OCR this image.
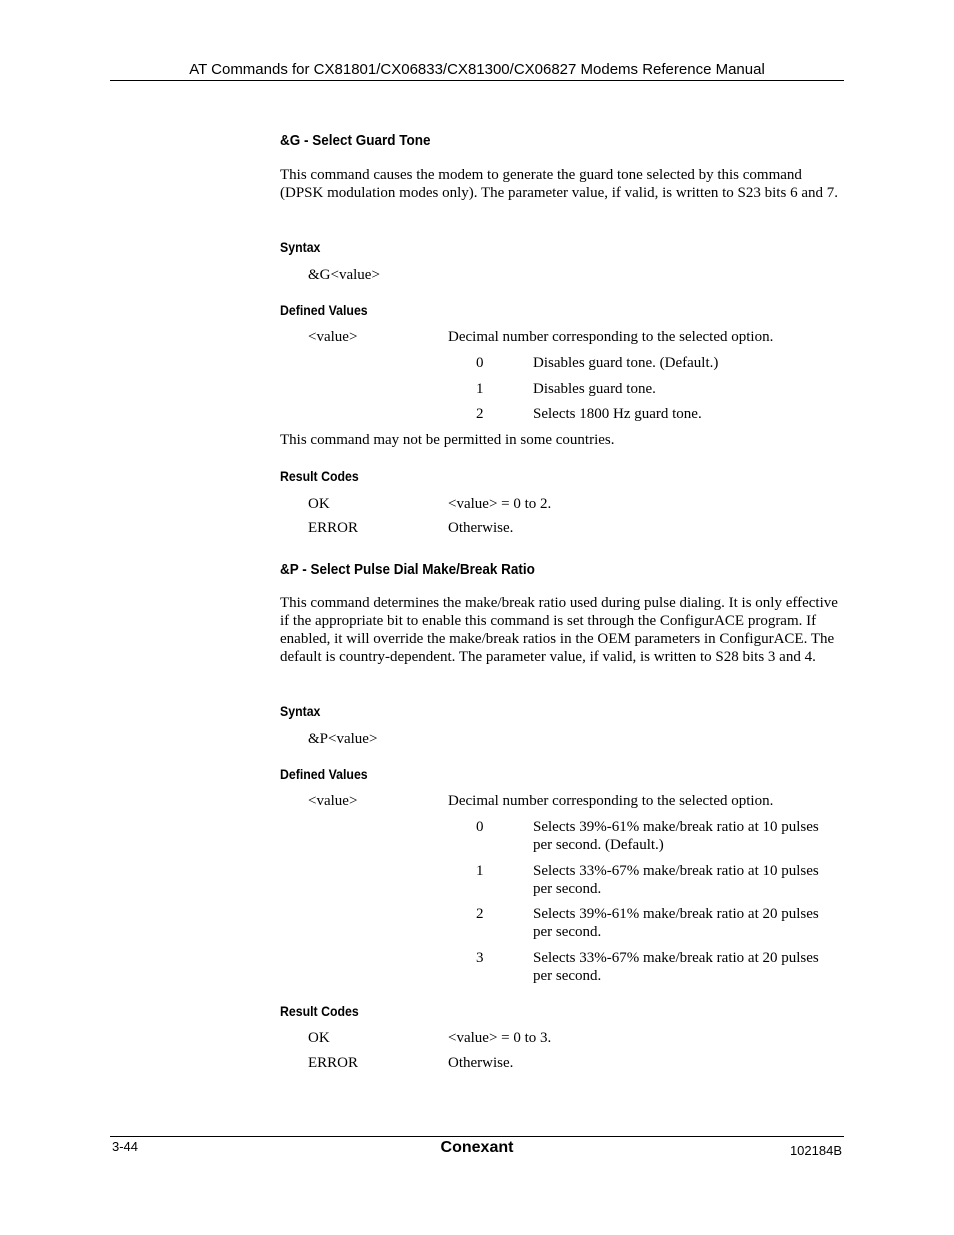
AT Commands for CX81801/CX06833/CX81300/CX06827 Modems Reference Manual
&G - Select Guard Tone

This command causes the modem to generate the guard tone selected by this command (DPSK modulation modes only). The parameter value, if valid, is written to S23 bits 6 and 7.

Syntax
&G<value>
Defined Values
<value>	Decimal number corresponding to the selected option.
0	Disables guard tone. (Default.)
1	Disables guard tone.
2	Selects 1800 Hz guard tone.
This command may not be permitted in some countries.
Result Codes
OK	<value> = 0 to 2.
ERROR	Otherwise.
&P - Select Pulse Dial Make/Break Ratio

This command determines the make/break ratio used during pulse dialing. It is only effective if the appropriate bit to enable this command is set through the ConfigurACE program. If enabled, it will override the make/break ratios in the OEM parameters in ConfigurACE. The default is country-dependent. The parameter value, if valid, is written to S28 bits 3 and 4.

Syntax
&P<value>
Defined Values
<value>	Decimal number corresponding to the selected option.
0	Selects 39%-61% make/break ratio at 10 pulses per second. (Default.)
1	Selects 33%-67% make/break ratio at 10 pulses per second.
2	Selects 39%-61% make/break ratio at 20 pulses per second.
3	Selects 33%-67% make/break ratio at 20 pulses per second.
Result Codes
OK	<value> = 0 to 3.
ERROR	Otherwise.
3-44	Conexant	102184B
